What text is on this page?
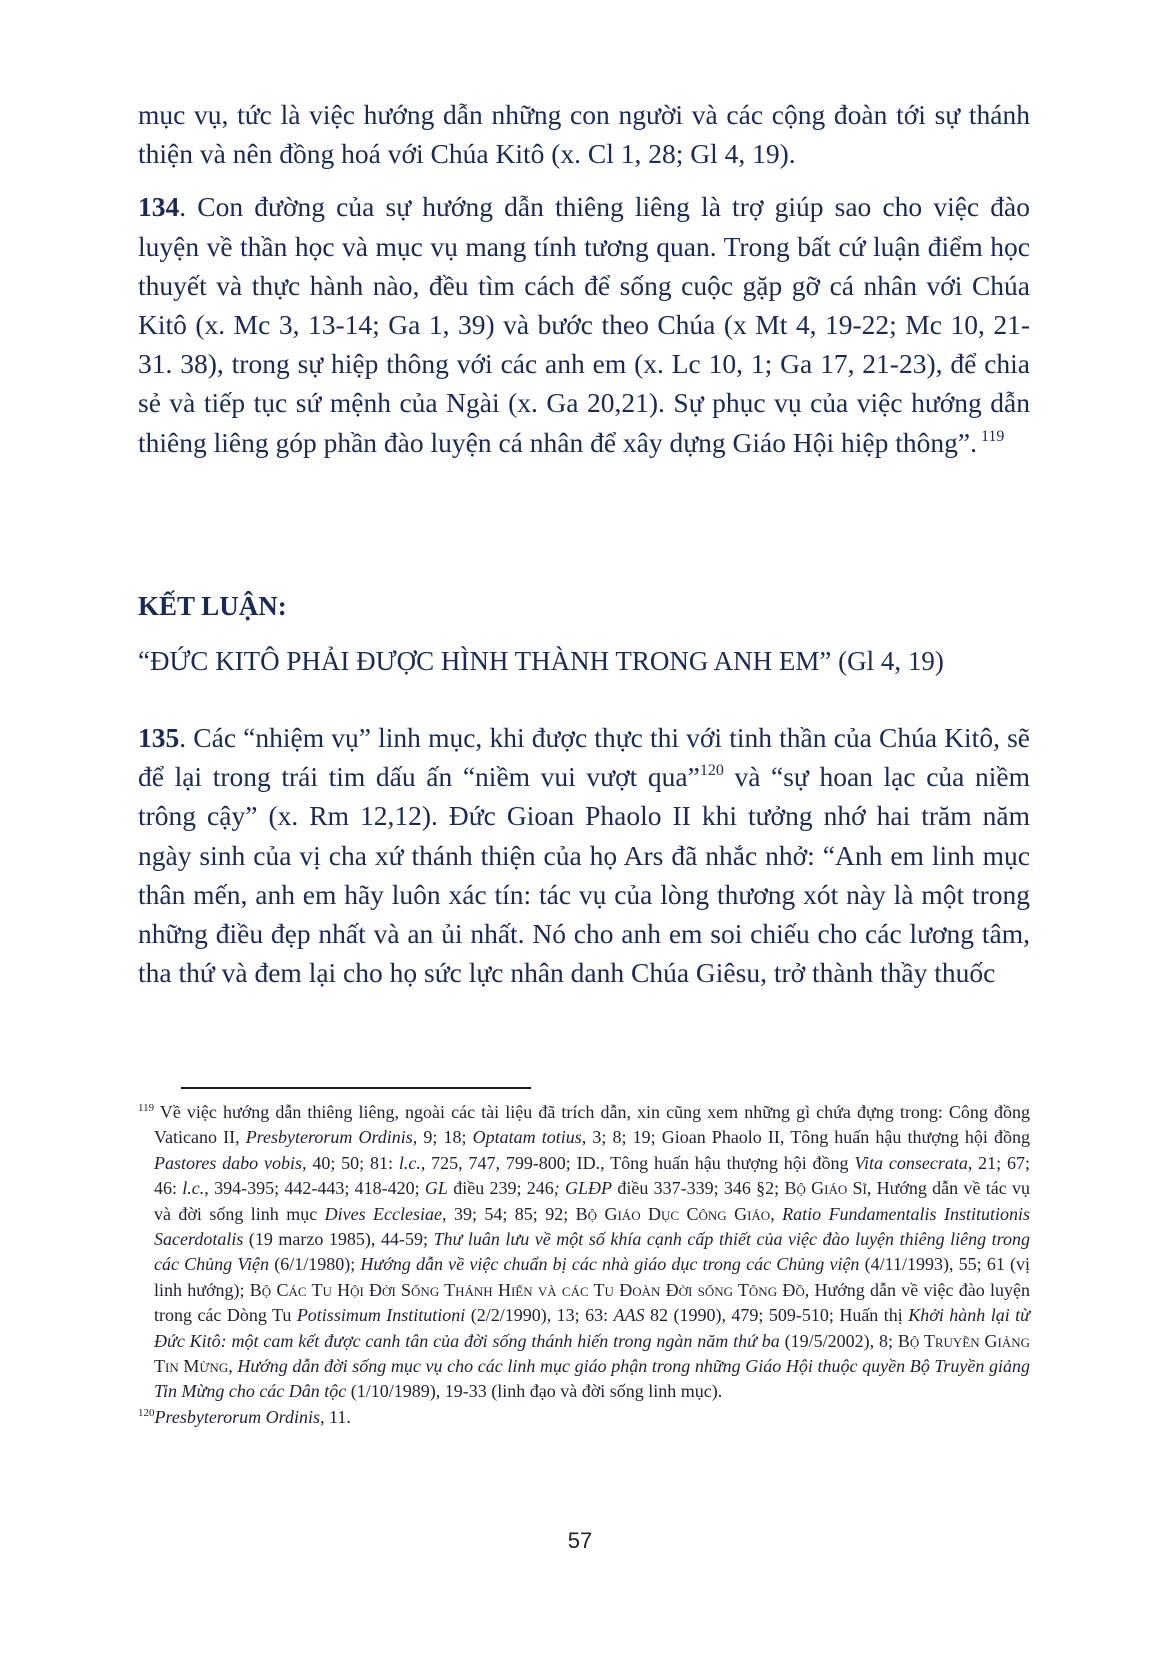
mục vụ, tức là việc hướng dẫn những con người và các cộng đoàn tới sự thánh thiện và nên đồng hoá với Chúa Kitô (x. Cl 1, 28; Gl 4, 19).

134. Con đường của sự hướng dẫn thiêng liêng là trợ giúp sao cho việc đào luyện về thần học và mục vụ mang tính tương quan. Trong bất cứ luận điểm học thuyết và thực hành nào, đều tìm cách để sống cuộc gặp gỡ cá nhân với Chúa Kitô (x. Mc 3, 13-14; Ga 1, 39) và bước theo Chúa (x Mt 4, 19-22; Mc 10, 21-31. 38), trong sự hiệp thông với các anh em (x. Lc 10, 1; Ga 17, 21-23), để chia sẻ và tiếp tục sứ mệnh của Ngài (x. Ga 20,21). Sự phục vụ của việc hướng dẫn thiêng liêng góp phần đào luyện cá nhân để xây dựng Giáo Hội hiệp thông”. $^{119}$

KẾT LUẬN:

“ĐỨC KITÔ PHẢI ĐƯỢC HÌNH THÀNH TRONG ANH EM” (Gl 4, 19)

135. Các “nhiệm vụ” linh mục, khi được thực thi với tinh thần của Chúa Kitô, sẽ để lại trong trái tim dấu ấn “niềm vui vượt qua”$^{120}$ và “sự hoan lạc của niềm trông cậy” (x. Rm 12,12). Đức Gioan Phaolo II khi tưởng nhớ hai trăm năm ngày sinh của vị cha xứ thánh thiện của họ Ars đã nhắc nhở: “Anh em linh mục thân mến, anh em hãy luôn xác tín: tác vụ của lòng thương xót này là một trong những điều đẹp nhất và an ủi nhất. Nó cho anh em soi chiếu cho các lương tâm, tha thứ và đem lại cho họ sức lực nhân danh Chúa Giêsu, trở thành thầy thuốc

$^{119}$ Về việc hướng dẫn thiêng liêng, ngoài các tài liệu đã trích dẫn, xin cũng xem những gì chứa đựng trong: Công đồng Vaticano II, Presbyterorum Ordinis, 9; 18; Optatam totius, 3; 8; 19; Gioan Phaolo II, Tông huấn hậu thượng hội đồng Pastores dabo vobis, 40; 50; 81: l.c., 725, 747, 799-800; ID., Tông huấn hậu thượng hội đồng Vita consecrata, 21; 67; 46: l.c., 394-395; 442-443; 418-420; GL điều 239; 246; GLĐP điều 337-339; 346 §2; Bộ Giáo Sĩ, Hướng dẫn về tác vụ và đời sống linh mục Dives Ecclesiae, 39; 54; 85; 92; Bộ Giáo Dục Công Giáo, Ratio Fundamentalis Institutionis Sacerdotalis (19 marzo 1985), 44-59; Thư luân lưu về một số khía cạnh cấp thiết của việc đào luyện thiêng liêng trong các Chủng Viện (6/1/1980); Hướng dẫn về việc chuẩn bị các nhà giáo dục trong các Chủng viện (4/11/1993), 55; 61 (vị linh hướng); Bộ Các Tu Hội Đời Sống Thánh Hiến và các Tu Đoàn Đời sống Tông Đồ, Hướng dẫn về việc đào luyện trong các Dòng Tu Potissimum Institutioni (2/2/1990), 13; 63: AAS 82 (1990), 479; 509-510; Huấn thị Khởi hành lại từ Đức Kitô: một cam kết được canh tân của đời sống thánh hiến trong ngàn năm thứ ba (19/5/2002), 8; Bộ Truyền Giảng Tin Mừng, Hướng dẫn đời sống mục vụ cho các linh mục giáo phận trong những Giáo Hội thuộc quyền Bộ Truyền giảng Tin Mừng cho các Dân tộc (1/10/1989), 19-33 (linh đạo và đời sống linh mục).

$^{120}$Presbyterorum Ordinis, 11.

57
